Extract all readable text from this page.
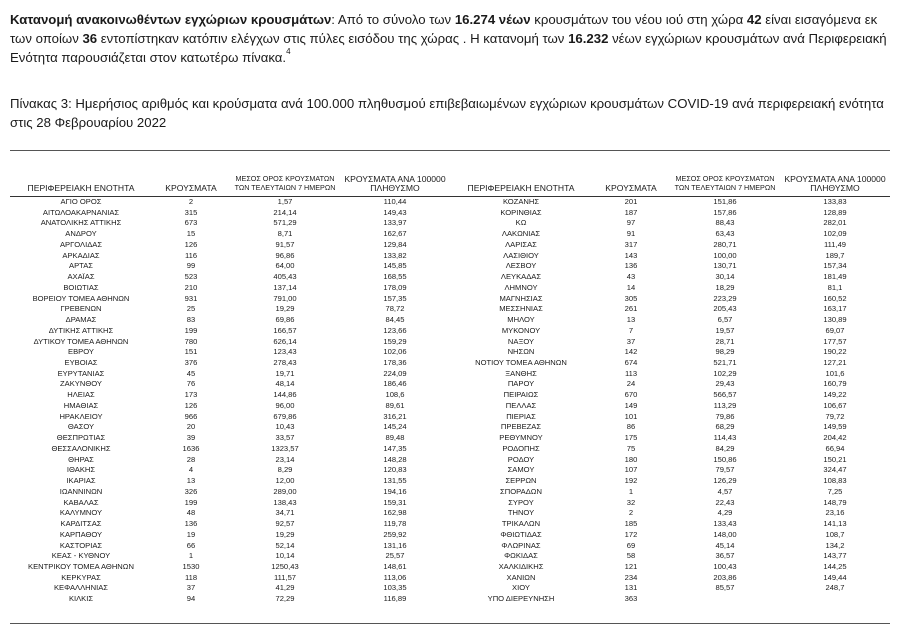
Κατανομή ανακοινωθέντων εγχώριων κρουσμάτων: Από το σύνολο των 16.274 νέων κρουσμάτων του νέου ιού στη χώρα 42 είναι εισαγόμενα εκ των οποίων 36 εντοπίστηκαν κατόπιν ελέγχων στις πύλες εισόδου της χώρας . Η κατανομή των 16.232 νέων εγχώριων κρουσμάτων ανά Περιφερειακή Ενότητα παρουσιάζεται στον κατωτέρω πίνακα.$^4$
Πίνακας 3: Ημερήσιος αριθμός και κρούσματα ανά 100.000 πληθυσμού επιβεβαιωμένων εγχώριων κρουσμάτων COVID-19 ανά περιφερειακή ενότητα στις 28 Φεβρουαρίου 2022
ΠΕΡΙΦΕΡΕΙΑΚΗ ΕΝΟΤΗΤΑ	ΚΡΟΥΣΜΑΤΑ
ΜΕΣΟΣ ΟΡΟΣ ΚΡΟΥΣΜΑΤΩΝ
ΤΩΝ ΤΕΛΕΥΤΑΙΩΝ 7 ΗΜΕΡΩΝ
ΚΡΟΥΣΜΑΤΑ ΑΝΑ 100000
ΠΛΗΘΥΣΜΟ	ΠΕΡΙΦΕΡΕΙΑΚΗ ΕΝΟΤΗΤΑ	ΚΡΟΥΣΜΑΤΑ
ΜΕΣΟΣ ΟΡΟΣ ΚΡΟΥΣΜΑΤΩΝ
ΤΩΝ ΤΕΛΕΥΤΑΙΩΝ 7 ΗΜΕΡΩΝ
ΚΡΟΥΣΜΑΤΑ ΑΝΑ 100000
ΠΛΗΘΥΣΜΟ
ΑΓΙΟ ΟΡΟΣ	2	1,57	110,44	ΚΟΖΑΝΗΣ	201	151,86	133,83
ΑΙΤΩΛΟΑΚΑΡΝΑΝΙΑΣ	315	214,14	149,43	ΚΟΡΙΝΘΙΑΣ	187	157,86	128,89
ΑΝΑΤΟΛΙΚΗΣ ΑΤΤΙΚΗΣ	673	571,29	133,97	ΚΩ	97	88,43	282,01
ΑΝΔΡΟΥ	15	8,71	162,67	ΛΑΚΩΝΙΑΣ	91	63,43	102,09
ΑΡΓΟΛΙΔΑΣ	126	91,57	129,84	ΛΑΡΙΣΑΣ	317	280,71	111,49
ΑΡΚΑΔΙΑΣ	116	96,86	133,82	ΛΑΣΙΘΙΟΥ	143	100,00	189,7
ΑΡΤΑΣ	99	64,00	145,85	ΛΕΣΒΟΥ	136	130,71	157,34
ΑΧΑΪΑΣ	523	405,43	168,55	ΛΕΥΚΑΔΑΣ	43	30,14	181,49
ΒΟΙΩΤΙΑΣ	210	137,14	178,09	ΛΗΜΝΟΥ	14	18,29	81,1
ΒΟΡΕΙΟΥ ΤΟΜΕΑ ΑΘΗΝΩΝ	931	791,00	157,35	ΜΑΓΝΗΣΙΑΣ	305	223,29	160,52
ΓΡΕΒΕΝΩΝ	25	19,29	78,72	ΜΕΣΣΗΝΙΑΣ	261	205,43	163,17
ΔΡΑΜΑΣ	83	69,86	84,45	ΜΗΛΟΥ	13	6,57	130,89
ΔΥΤΙΚΗΣ ΑΤΤΙΚΗΣ	199	166,57	123,66	ΜΥΚΟΝΟΥ	7	19,57	69,07
ΔΥΤΙΚΟΥ ΤΟΜΕΑ ΑΘΗΝΩΝ	780	626,14	159,29	ΝΑΞΟΥ	37	28,71	177,57
ΕΒΡΟΥ	151	123,43	102,06	ΝΗΣΩΝ	142	98,29	190,22
ΕΥΒΟΙΑΣ	376	278,43	178,36	ΝΟΤΙΟΥ ΤΟΜΕΑ ΑΘΗΝΩΝ	674	521,71	127,21
ΕΥΡΥΤΑΝΙΑΣ	45	19,71	224,09	ΞΑΝΘΗΣ	113	102,29	101,6
ΖΑΚΥΝΘΟΥ	76	48,14	186,46	ΠΑΡΟΥ	24	29,43	160,79
ΗΛΕΙΑΣ	173	144,86	108,6	ΠΕΙΡΑΙΩΣ	670	566,57	149,22
ΗΜΑΘΙΑΣ	126	96,00	89,61	ΠΕΛΛΑΣ	149	113,29	106,67
ΗΡΑΚΛΕΙΟΥ	966	679,86	316,21	ΠΙΕΡΙΑΣ	101	79,86	79,72
ΘΑΣΟΥ	20	10,43	145,24	ΠΡΕΒΕΖΑΣ	86	68,29	149,59
ΘΕΣΠΡΩΤΙΑΣ	39	33,57	89,48	ΡΕΘΥΜΝΟΥ	175	114,43	204,42
ΘΕΣΣΑΛΟΝΙΚΗΣ	1636	1323,57	147,35	ΡΟΔΟΠΗΣ	75	84,29	66,94
ΘΗΡΑΣ	28	23,14	148,28	ΡΟΔΟΥ	180	150,86	150,21
ΙΘΑΚΗΣ	4	8,29	120,83	ΣΑΜΟΥ	107	79,57	324,47
ΙΚΑΡΙΑΣ	13	12,00	131,55	ΣΕΡΡΩΝ	192	126,29	108,83
ΙΩΑΝΝΙΝΩΝ	326	289,00	194,16	ΣΠΟΡΑΔΩΝ	1	4,57	7,25
ΚΑΒΑΛΑΣ	199	138,43	159,31	ΣΥΡΟΥ	32	22,43	148,79
ΚΑΛΥΜΝΟΥ	48	34,71	162,98	ΤΗΝΟΥ	2	4,29	23,16
ΚΑΡΔΙΤΣΑΣ	136	92,57	119,78	ΤΡΙΚΑΛΩΝ	185	133,43	141,13
ΚΑΡΠΑΘΟΥ	19	19,29	259,92	ΦΘΙΩΤΙΔΑΣ	172	148,00	108,7
ΚΑΣΤΟΡΙΑΣ	66	52,14	131,16	ΦΛΩΡΙΝΑΣ	69	45,14	134,2
ΚΕΑΣ - ΚΥΘΝΟΥ	1	10,14	25,57	ΦΩΚΙΔΑΣ	58	36,57	143,77
ΚΕΝΤΡΙΚΟΥ ΤΟΜΕΑ ΑΘΗΝΩΝ	1530	1250,43	148,61	ΧΑΛΚΙΔΙΚΗΣ	121	100,43	144,25
ΚΕΡΚΥΡΑΣ	118	111,57	113,06	ΧΑΝΙΩΝ	234	203,86	149,44
ΚΕΦΑΛΛΗΝΙΑΣ	37	41,29	103,35	ΧΙΟΥ	131	85,57	248,7
ΚΙΛΚΙΣ	94	72,29	116,89	ΥΠΟ ΔΙΕΡΕΥΝΗΣΗ	363
